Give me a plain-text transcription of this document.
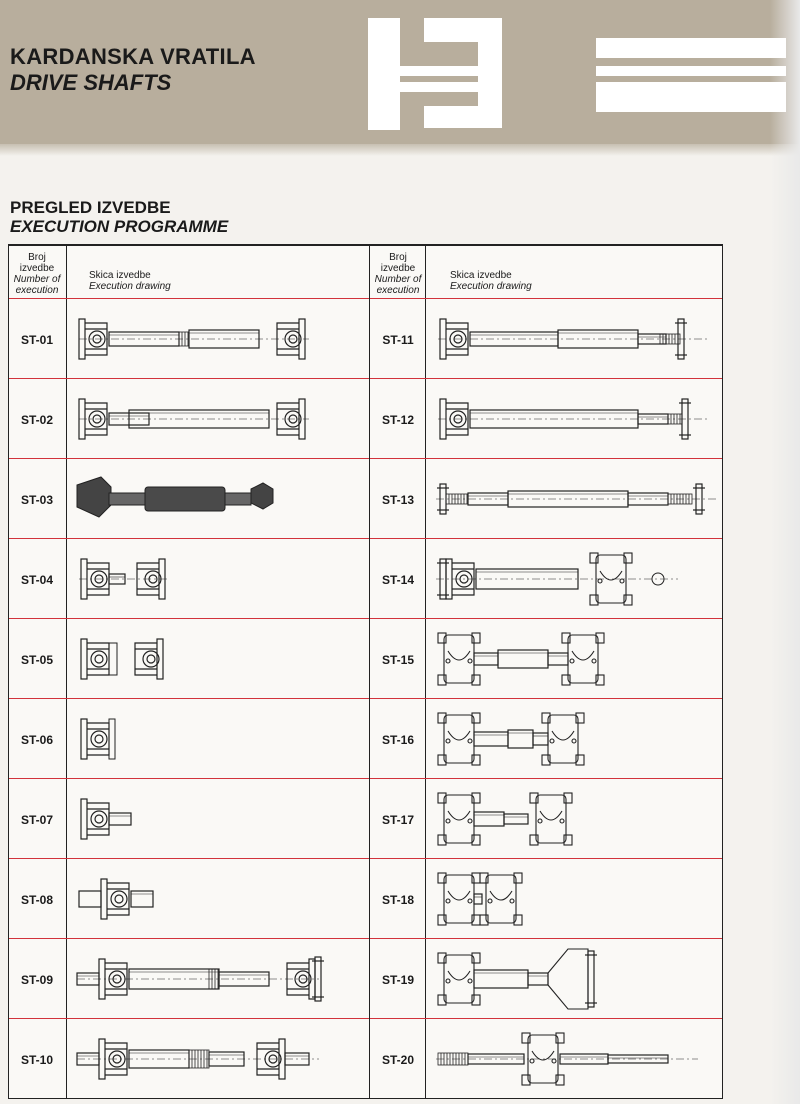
KARDANSKA VRATILA
DRIVE SHAFTS
PREGLED IZVEDBE
EXECUTION PROGRAMME
Broj
izvedbe
Number of
execution
Skica izvedbe
Execution drawing
ST-01
ST-02
ST-03
ST-04
ST-05
ST-06
ST-07
ST-08
ST-09
ST-10
Broj
izvedbe
Number of
execution
Skica izvedbe
Execution drawing
ST-11
ST-12
ST-13
ST-14
ST-15
ST-16
ST-17
ST-18
ST-19
ST-20
